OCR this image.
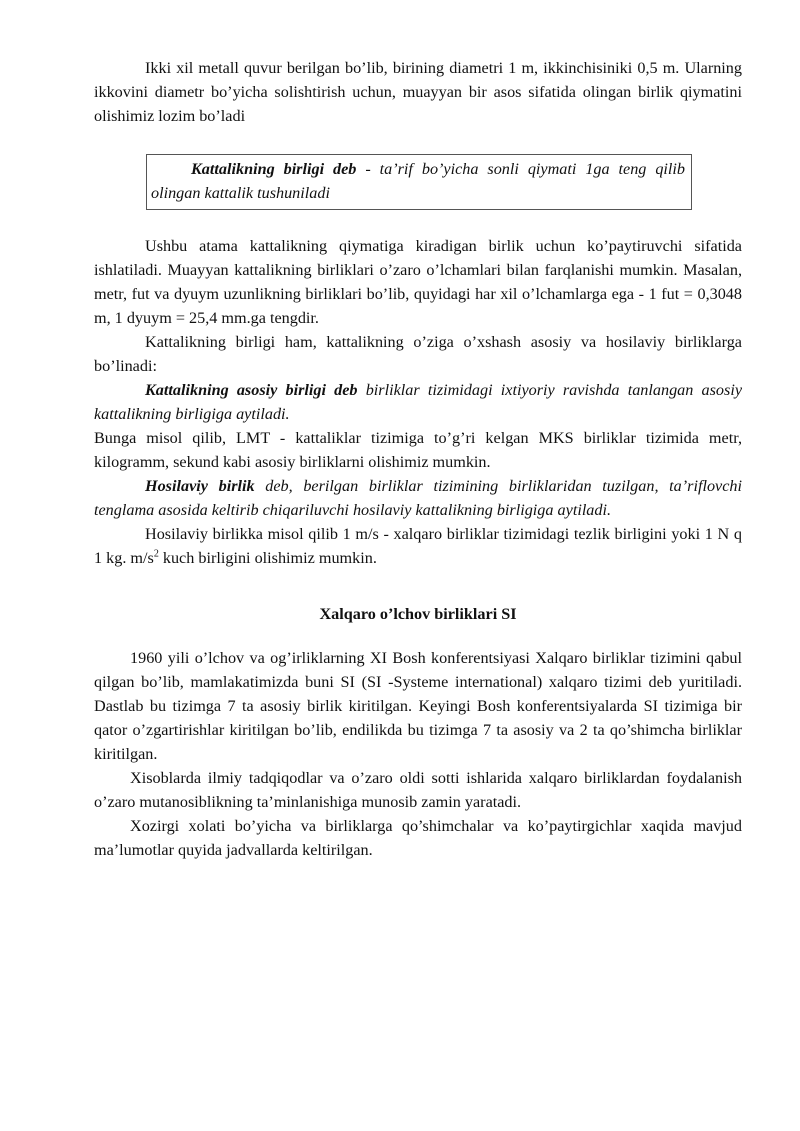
Ikki xil metall quvur berilgan bo’lib, birining diametri 1 m, ikkinchisiniki 0,5 m. Ularning ikkovini diametr bo’yicha solishtirish uchun, muayyan bir asos sifatida olingan birlik qiymatini olishimiz lozim bo’ladi

Kattalikning birligi deb - ta’rif bo’yicha sonli qiymati 1ga teng qilib olingan kattalik tushuniladi

Ushbu atama kattalikning qiymatiga kiradigan birlik uchun ko’paytiruvchi sifatida ishlatiladi. Muayyan kattalikning birliklari o’zaro o’lchamlari bilan farqlanishi mumkin. Masalan, metr, fut va dyuym uzunlikning birliklari bo’lib, quyidagi har xil o’lchamlarga ega - 1 fut = 0,3048 m, 1 dyuym = 25,4 mm.ga tengdir.

Kattalikning birligi ham, kattalikning o’ziga o’xshash asosiy va hosilaviy birliklarga bo’linadi:

Kattalikning asosiy birligi deb birliklar tizimidagi ixtiyoriy ravishda tanlangan asosiy kattalikning birligiga aytiladi.

Bunga misol qilib, LMT - kattaliklar tizimiga to’g’ri kelgan MKS birliklar tizimida metr, kilogramm, sekund kabi asosiy birliklarni olishimiz mumkin.

Hosilaviy birlik deb, berilgan birliklar tizimining birliklaridan tuzilgan, ta’riflovchi tenglama asosida keltirib chiqariluvchi hosilaviy kattalikning birligiga aytiladi.

Hosilaviy birlikka misol qilib 1 m/s - xalqaro birliklar tizimidagi tezlik birligini yoki 1 N q 1 kg. $m/s^2$ kuch birligini olishimiz mumkin.

Xalqaro o’lchov birliklari SI

1960 yili o’lchov va og’irliklarning XI Bosh konferentsiyasi Xalqaro birliklar tizimini qabul qilgan bo’lib, mamlakatimizda buni SI (SI -Systeme international) xalqaro tizimi deb yuritiladi. Dastlab bu tizimga 7 ta asosiy birlik kiritilgan. Keyingi Bosh konferentsiyalarda SI tizimiga bir qator o’zgartirishlar kiritilgan bo’lib, endilikda bu tizimga 7 ta asosiy va 2 ta qo’shimcha birliklar kiritilgan.

Xisoblarda ilmiy tadqiqodlar va o’zaro oldi sotti ishlarida xalqaro birliklardan foydalanish o’zaro mutanosiblikning ta’minlanishiga munosib zamin yaratadi.

Xozirgi xolati bo’yicha va birliklarga qo’shimchalar va ko’paytirgichlar xaqida mavjud ma’lumotlar quyida jadvallarda keltirilgan.
